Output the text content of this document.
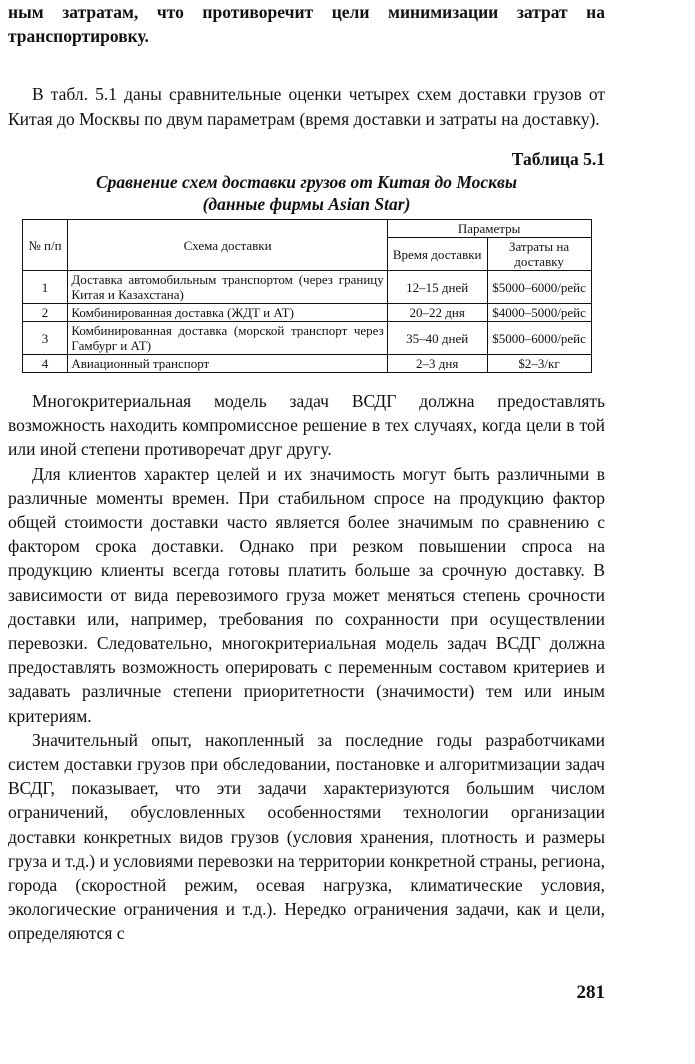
ным затратам, что противоречит цели минимизации затрат на транспортировку.

В табл. 5.1 даны сравнительные оценки четырех схем доставки грузов от Китая до Москвы по двум параметрам (время доставки и затраты на доставку).

Таблица 5.1
Сравнение схем доставки грузов от Китая до Москвы
(данные фирмы Asian Star)
№ п/п	Схема доставки	Параметры	
		Время доставки	Затраты на доставку
1	Доставка автомобильным транспортом (через границу Китая и Казахстана)	12–15 дней	$5000–6000/рейс
2	Комбинированная доставка (ЖДТ и АТ)	20–22 дня	$4000–5000/рейс
3	Комбинированная доставка (морской транспорт через Гамбург и АТ)	35–40 дней	$5000–6000/рейс
4	Авиационный транспорт	2–3 дня	$2–3/кг

Многокритериальная модель задач ВСДГ должна предоставлять возможность находить компромиссное решение в тех случаях, когда цели в той или иной степени противоречат друг другу.

Для клиентов характер целей и их значимость могут быть различными в различные моменты времен. При стабильном спросе на продукцию фактор общей стоимости доставки часто является более значимым по сравнению с фактором срока доставки. Однако при резком повышении спроса на продукцию клиенты всегда готовы платить больше за срочную доставку. В зависимости от вида перевозимого груза может меняться степень срочности доставки или, например, требования по сохранности при осуществлении перевозки. Следовательно, многокритериальная модель задач ВСДГ должна предоставлять возможность оперировать с переменным составом критериев и задавать различные степени приоритетности (значимости) тем или иным критериям.

Значительный опыт, накопленный за последние годы разработчиками систем доставки грузов при обследовании, постановке и алгоритмизации задач ВСДГ, показывает, что эти задачи характеризуются большим числом ограничений, обусловленных особенностями технологии организации доставки конкретных видов грузов (условия хранения, плотность и размеры груза и т.д.) и условиями перевозки на территории конкретной страны, региона, города (скоростной режим, осевая нагрузка, климатические условия, экологические ограничения и т.д.). Нередко ограничения задачи, как и цели, определяются с

281
